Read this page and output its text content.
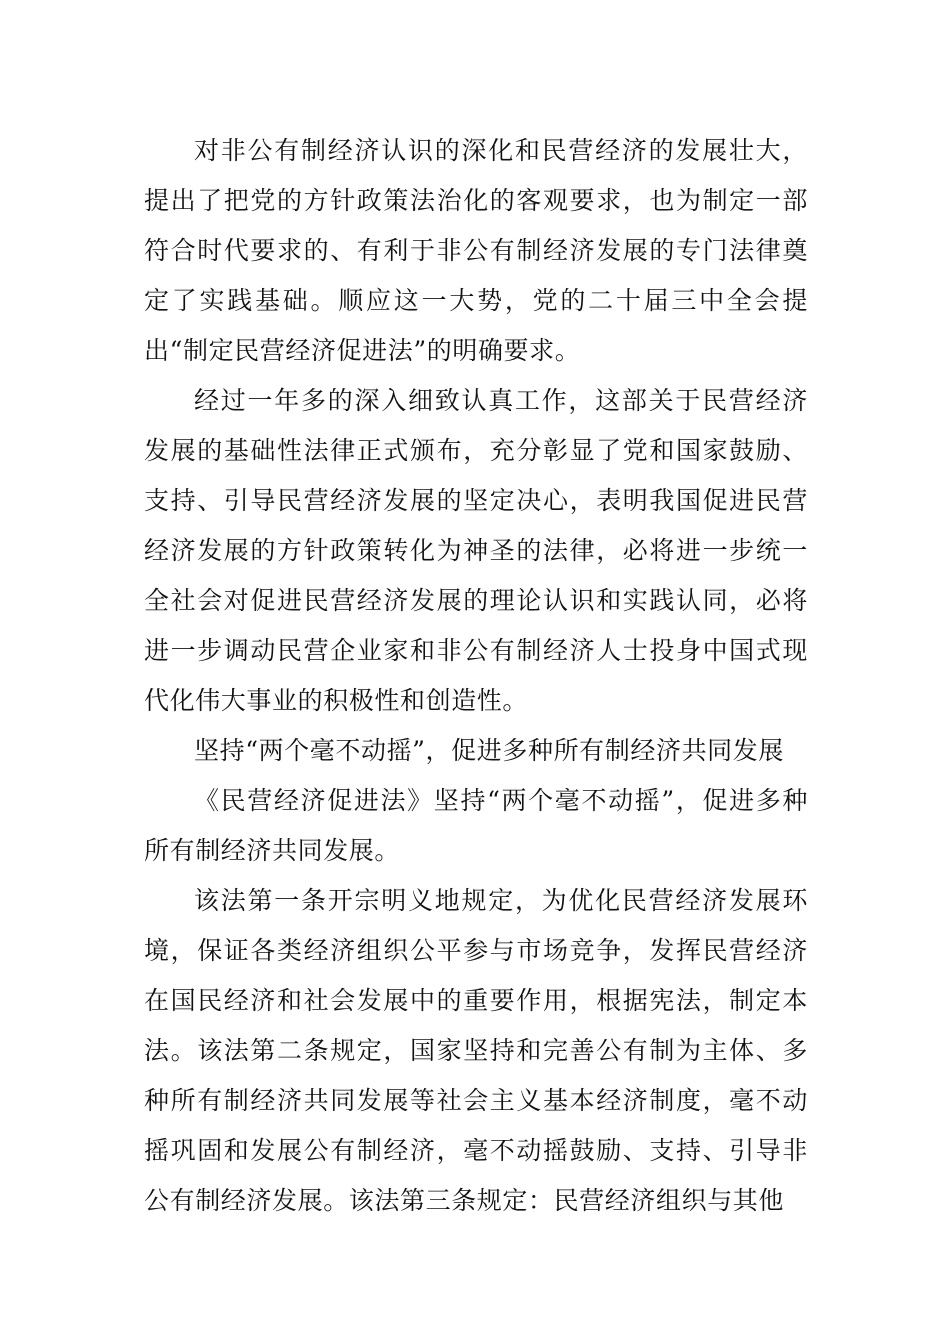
对非公有制经济认识的深化和民营经济的发展壮大，提出了把党的方针政策法治化的客观要求，也为制定一部符合时代要求的、有利于非公有制经济发展的专门法律奠定了实践基础。顺应这一大势，党的二十届三中全会提出“制定民营经济促进法”的明确要求。

经过一年多的深入细致认真工作，这部关于民营经济发展的基础性法律正式颁布，充分彰显了党和国家鼓励、支持、引导民营经济发展的坚定决心，表明我国促进民营经济发展的方针政策转化为神圣的法律，必将进一步统一全社会对促进民营经济发展的理论认识和实践认同，必将进一步调动民营企业家和非公有制经济人士投身中国式现代化伟大事业的积极性和创造性。

坚持“两个毫不动摇”，促进多种所有制经济共同发展

《民营经济促进法》坚持“两个毫不动摇”，促进多种所有制经济共同发展。

该法第一条开宗明义地规定，为优化民营经济发展环境，保证各类经济组织公平参与市场竞争，发挥民营经济在国民经济和社会发展中的重要作用，根据宪法，制定本法。该法第二条规定，国家坚持和完善公有制为主体、多种所有制经济共同发展等社会主义基本经济制度，毫不动摇巩固和发展公有制经济，毫不动摇鼓励、支持、引导非公有制经济发展。该法第三条规定：民营经济组织与其他
